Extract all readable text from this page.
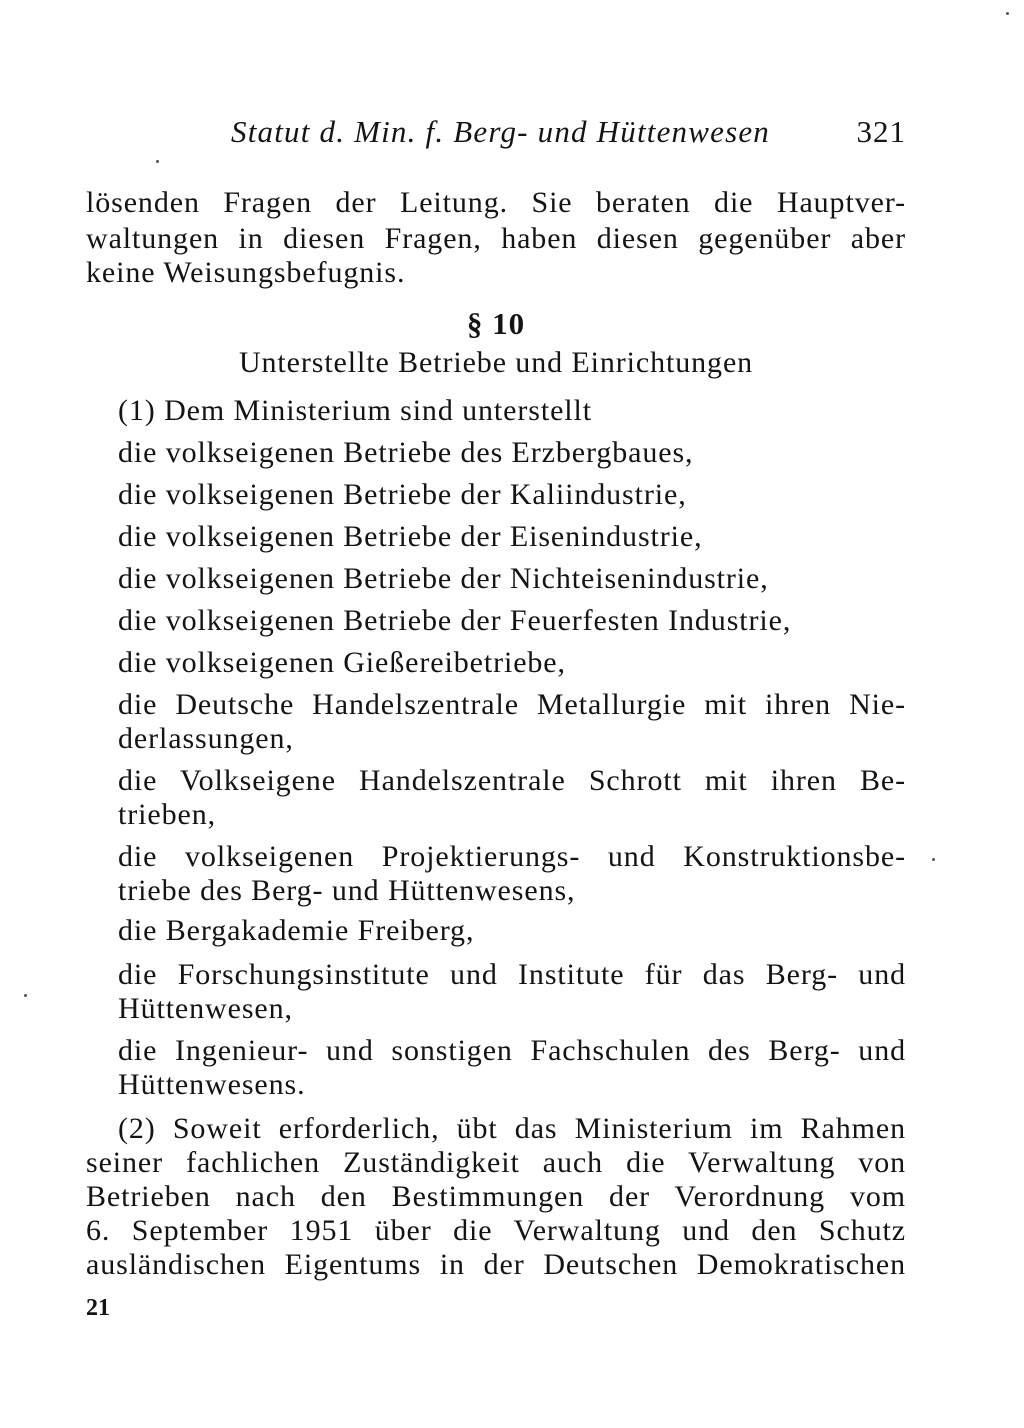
Statut d. Min. f. Berg- und Hüttenwesen	321
lösenden Fragen der Leitung. Sie beraten die Hauptver-
waltungen in diesen Fragen, haben diesen gegenüber aber
keine Weisungsbefugnis.
§ 10
Unterstellte Betriebe und Einrichtungen
(1) Dem Ministerium sind unterstellt
die volkseigenen Betriebe des Erzbergbaues,
die volkseigenen Betriebe der Kaliindustrie,
die volkseigenen Betriebe der Eisenindustrie,
die volkseigenen Betriebe der Nichteisenindustrie,
die volkseigenen Betriebe der Feuerfesten Industrie,
die volkseigenen Gießereibetriebe,
die Deutsche Handelszentrale Metallurgie mit ihren Nie-
derlassungen,
die Volkseigene Handelszentrale Schrott mit ihren Be-
trieben,
die volkseigenen Projektierungs- und Konstruktionsbe-
triebe des Berg- und Hüttenwesens,
die Bergakademie Freiberg,
die Forschungsinstitute und Institute für das Berg- und
Hüttenwesen,
die Ingenieur- und sonstigen Fachschulen des Berg- und
Hüttenwesens.
(2) Soweit erforderlich, übt das Ministerium im Rahmen
seiner fachlichen Zuständigkeit auch die Verwaltung von
Betrieben nach den Bestimmungen der Verordnung vom
6. September 1951 über die Verwaltung und den Schutz
ausländischen Eigentums in der Deutschen Demokratischen
21
